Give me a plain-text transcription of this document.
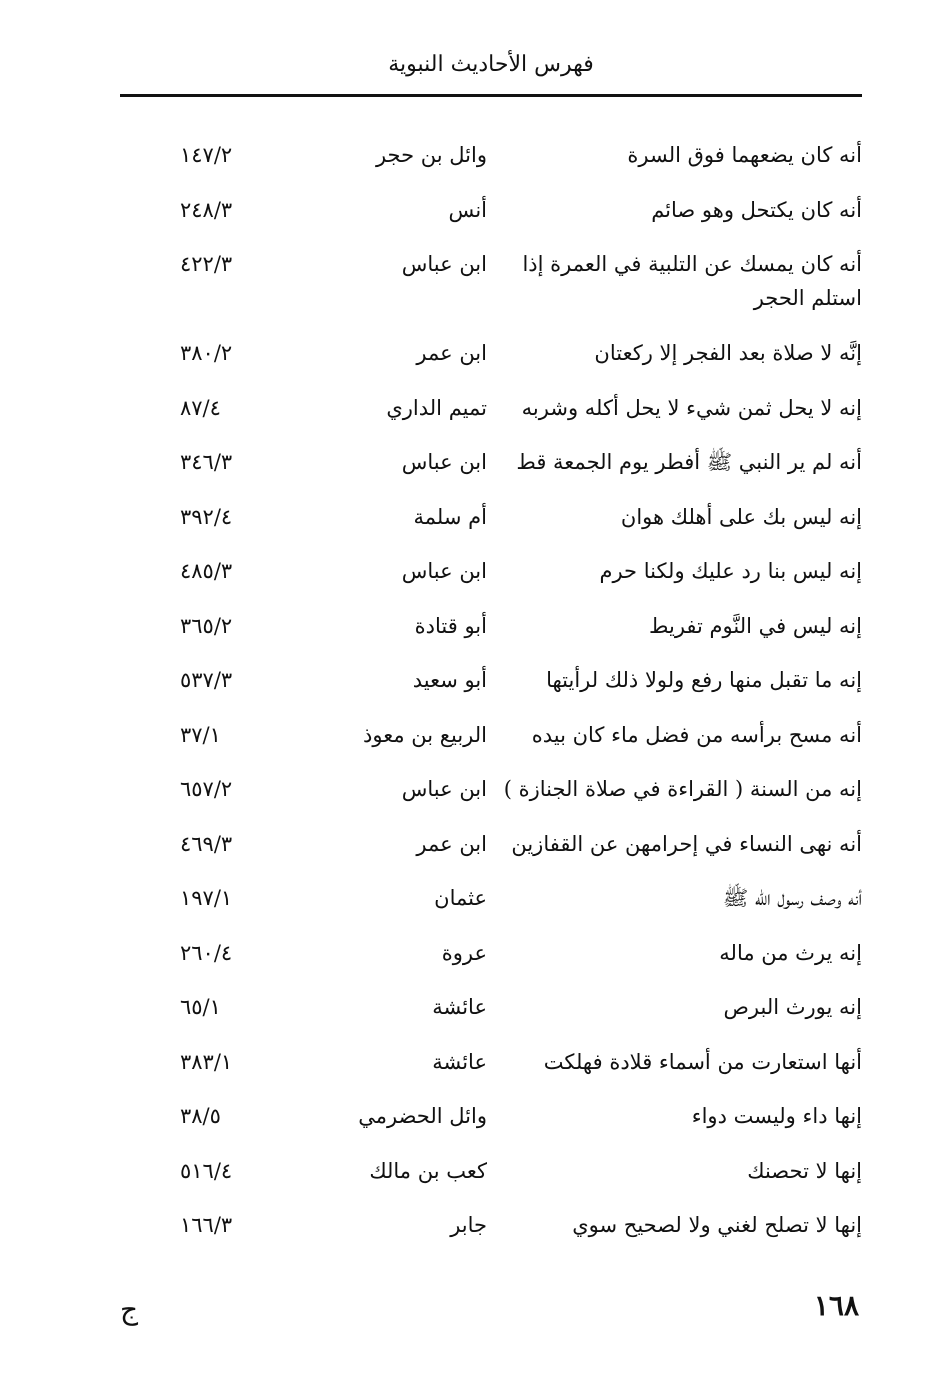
فهرس الأحاديث النبوية
أنه كان يضعهما فوق السرة
وائل بن حجر
١٤٧/٢
أنه كان يكتحل وهو صائم
أنس
٢٤٨/٣
أنه كان يمسك عن التلبية في العمرة إذا استلم الحجر
ابن عباس
٤٢٢/٣
إنَّه لا صلاة بعد الفجر إلا ركعتان
ابن عمر
٣٨٠/٢
إنه لا يحل ثمن شيء لا يحل أكله وشربه
تميم الداري
٨٧/٤
أنه لم ير النبي ﷺ أفطر يوم الجمعة قط
ابن عباس
٣٤٦/٣
إنه ليس بك على أهلك هوان
أم سلمة
٣٩٢/٤
إنه ليس بنا رد عليك ولكنا حرم
ابن عباس
٤٨٥/٣
إنه ليس في النَّوم تفريط
أبو قتادة
٣٦٥/٢
إنه ما تقبل منها رفع ولولا ذلك لرأيتها
أبو سعيد
٥٣٧/٣
أنه مسح برأسه من فضل ماء كان بيده
الربيع بن معوذ
٣٧/١
إنه من السنة ( القراءة في صلاة الجنازة )
ابن عباس
٦٥٧/٢
أنه نهى النساء في إحرامهن عن القفازين
ابن عمر
٤٦٩/٣
أنه وصف رسول الله ﷺ
عثمان
١٩٧/١
إنه يرث من ماله
عروة
٢٦٠/٤
إنه يورث البرص
عائشة
٦٥/١
أنها استعارت من أسماء قلادة فهلكت
عائشة
٣٨٣/١
إنها داء وليست دواء
وائل الحضرمي
٣٨/٥
إنها لا تحصنك
كعب بن مالك
٥١٦/٤
إنها لا تصلح لغني ولا لصحيح سوي
جابر
١٦٦/٣
١٦٨
ج
